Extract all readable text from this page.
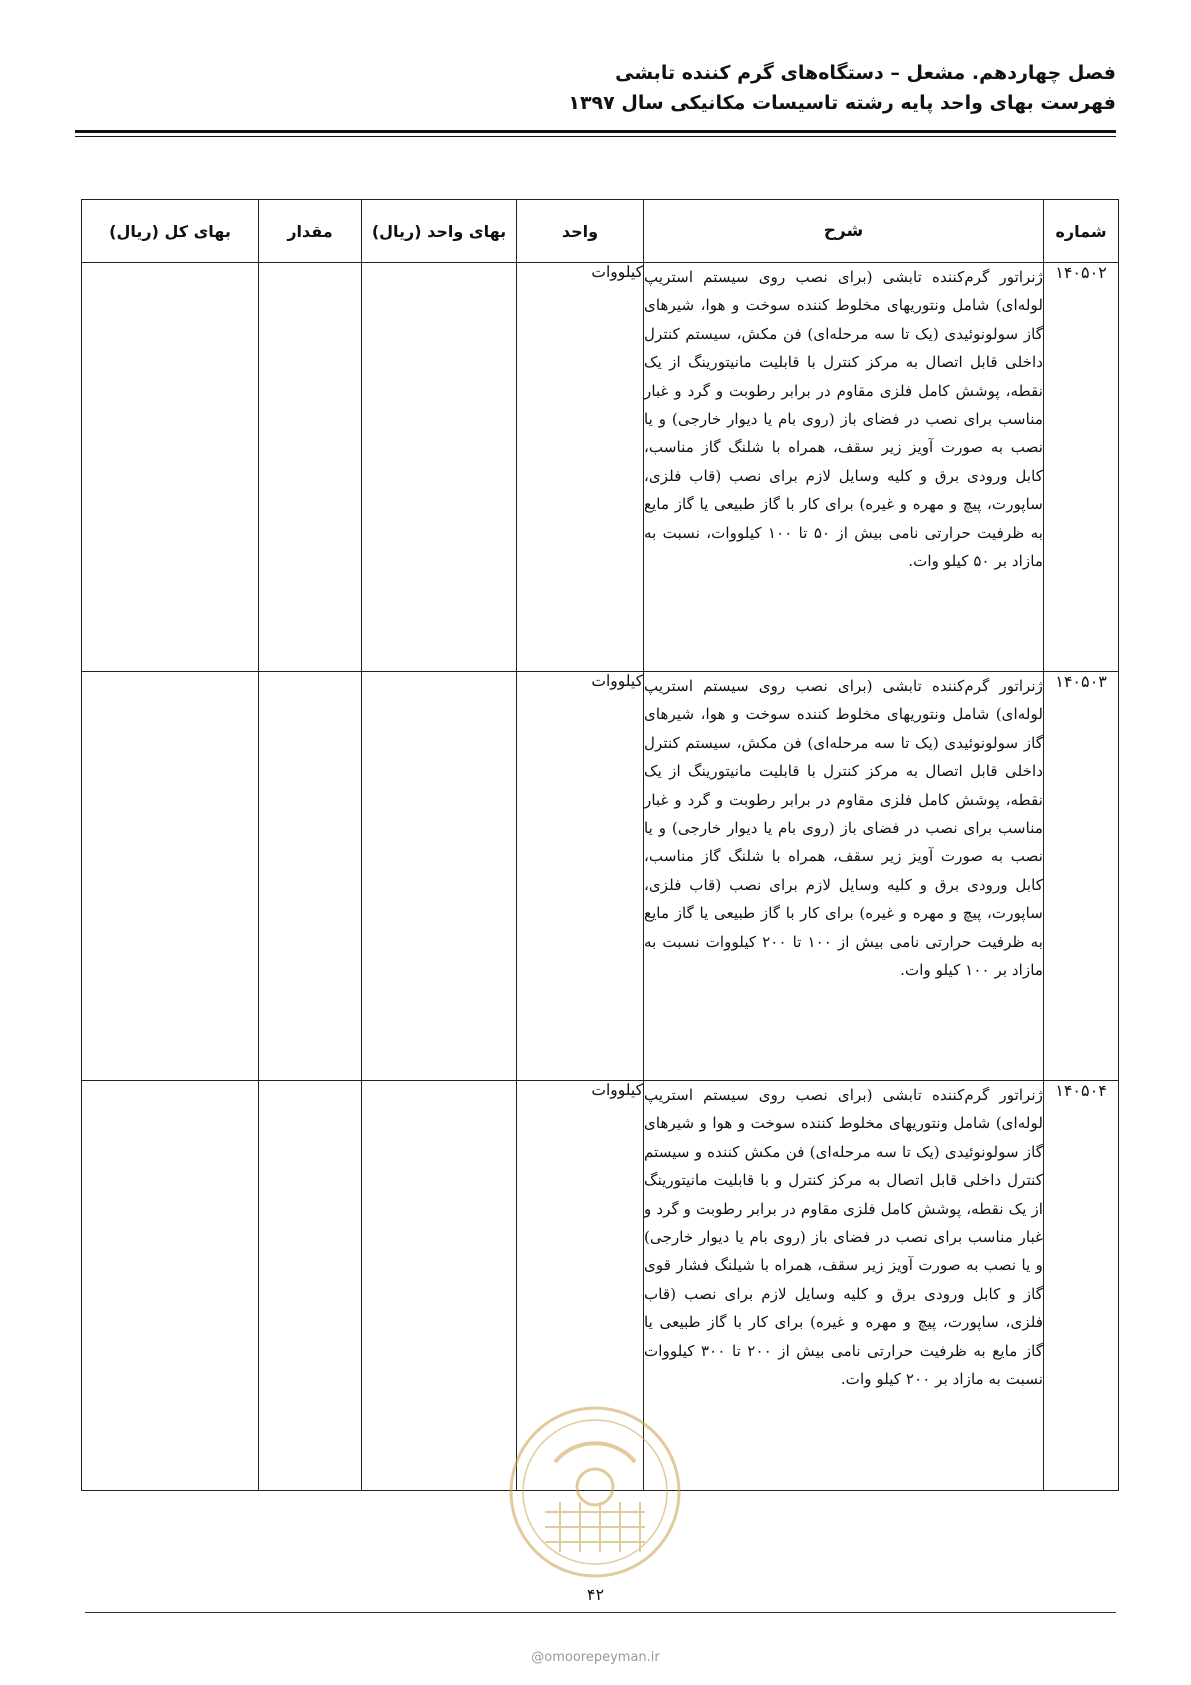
فصل چهاردهم. مشعل – دستگاه‌های گرم کننده تابشی
فهرست بهای واحد پایه رشته تاسیسات مکانیکی سال ۱۳۹۷
شماره	شرح	واحد	بهای واحد (ریال)	مقدار	بهای کل (ریال)
۱۴۰۵۰۲	ژنراتور گرم‌کننده تابشی (برای نصب روی سیستم استریپ لوله‌ای) شامل ونتوریهای مخلوط کننده سوخت و هوا، شیرهای گاز سولونوئیدی (یک تا سه مرحله‌ای) فن مکش، سیستم کنترل داخلی قابل اتصال به مرکز کنترل با قابلیت مانیتورینگ از یک نقطه، پوشش کامل فلزی مقاوم در برابر رطوبت و گرد و غبار مناسب برای نصب در فضای باز (روی بام یا دیوار خارجی) و یا نصب به صورت آویز زیر سقف، همراه با شلنگ گاز مناسب، کابل ورودی برق و کلیه وسایل لازم برای نصب (قاب فلزی، ساپورت، پیچ و مهره و غیره) برای کار با گاز طبیعی یا گاز مایع به ظرفیت حرارتی نامی بیش از ۵۰ تا ۱۰۰ کیلووات، نسبت به مازاد بر ۵۰ کیلو وات.	کیلووات			
۱۴۰۵۰۳	ژنراتور گرم‌کننده تابشی (برای نصب روی سیستم استریپ لوله‌ای) شامل ونتوریهای مخلوط کننده سوخت و هوا، شیرهای گاز سولونوئیدی (یک تا سه مرحله‌ای) فن مکش، سیستم کنترل داخلی قابل اتصال به مرکز کنترل با قابلیت مانیتورینگ از یک نقطه، پوشش کامل فلزی مقاوم در برابر رطوبت و گرد و غبار مناسب برای نصب در فضای باز (روی بام یا دیوار خارجی) و یا نصب به صورت آویز زیر سقف، همراه با شلنگ گاز مناسب، کابل ورودی برق و کلیه وسایل لازم برای نصب (قاب فلزی، ساپورت، پیچ و مهره و غیره) برای کار با گاز طبیعی یا گاز مایع به ظرفیت حرارتی نامی بیش از ۱۰۰ تا ۲۰۰ کیلووات نسبت به مازاد بر ۱۰۰ کیلو وات.	کیلووات			
۱۴۰۵۰۴	ژنراتور گرم‌کننده تابشی (برای نصب روی سیستم استریپ لوله‌ای) شامل ونتوریهای مخلوط کننده سوخت و هوا و شیرهای گاز سولونوئیدی (یک تا سه مرحله‌ای) فن مکش کننده و سیستم کنترل داخلی قابل اتصال به مرکز کنترل و با قابلیت مانیتورینگ از یک نقطه، پوشش کامل فلزی مقاوم در برابر رطوبت و گرد و غبار مناسب برای نصب در فضای باز (روی بام یا دیوار خارجی) و یا نصب به صورت آویز زیر سقف، همراه با شیلنگ فشار قوی گاز و کابل ورودی برق و کلیه وسایل لازم برای نصب (قاب فلزی، ساپورت، پیچ و مهره و غیره) برای کار با گاز طبیعی یا گاز مایع به ظرفیت حرارتی نامی بیش از ۲۰۰ تا ۳۰۰ کیلووات نسبت به مازاد بر ۲۰۰ کیلو وات.	کیلووات			
۴۲
@omoorepeyman.ir
